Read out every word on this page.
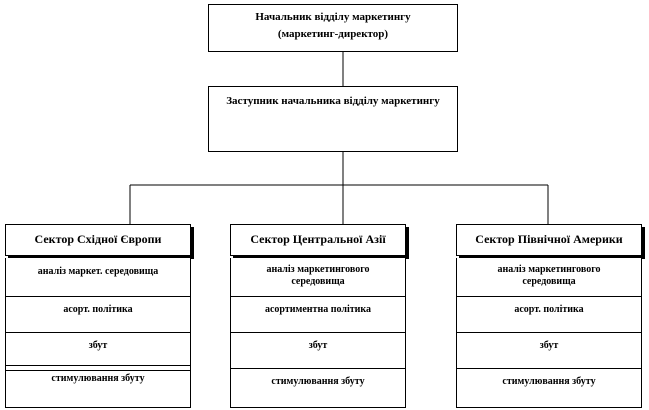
Начальник відділу маркетингу
(маркетинг-директор)
Заступник начальника відділу маркетингу
Сектор Східної Європи
аналіз маркет. середовища
асорт. політика
збут
стимулювання збуту
Сектор Центральної Азії
аналіз маркетингового середовища
асортиментна політика
збут
стимулювання збуту
Сектор Північної Америки
аналіз маркетингового середовища
асорт. політика
збут
стимулювання збуту
